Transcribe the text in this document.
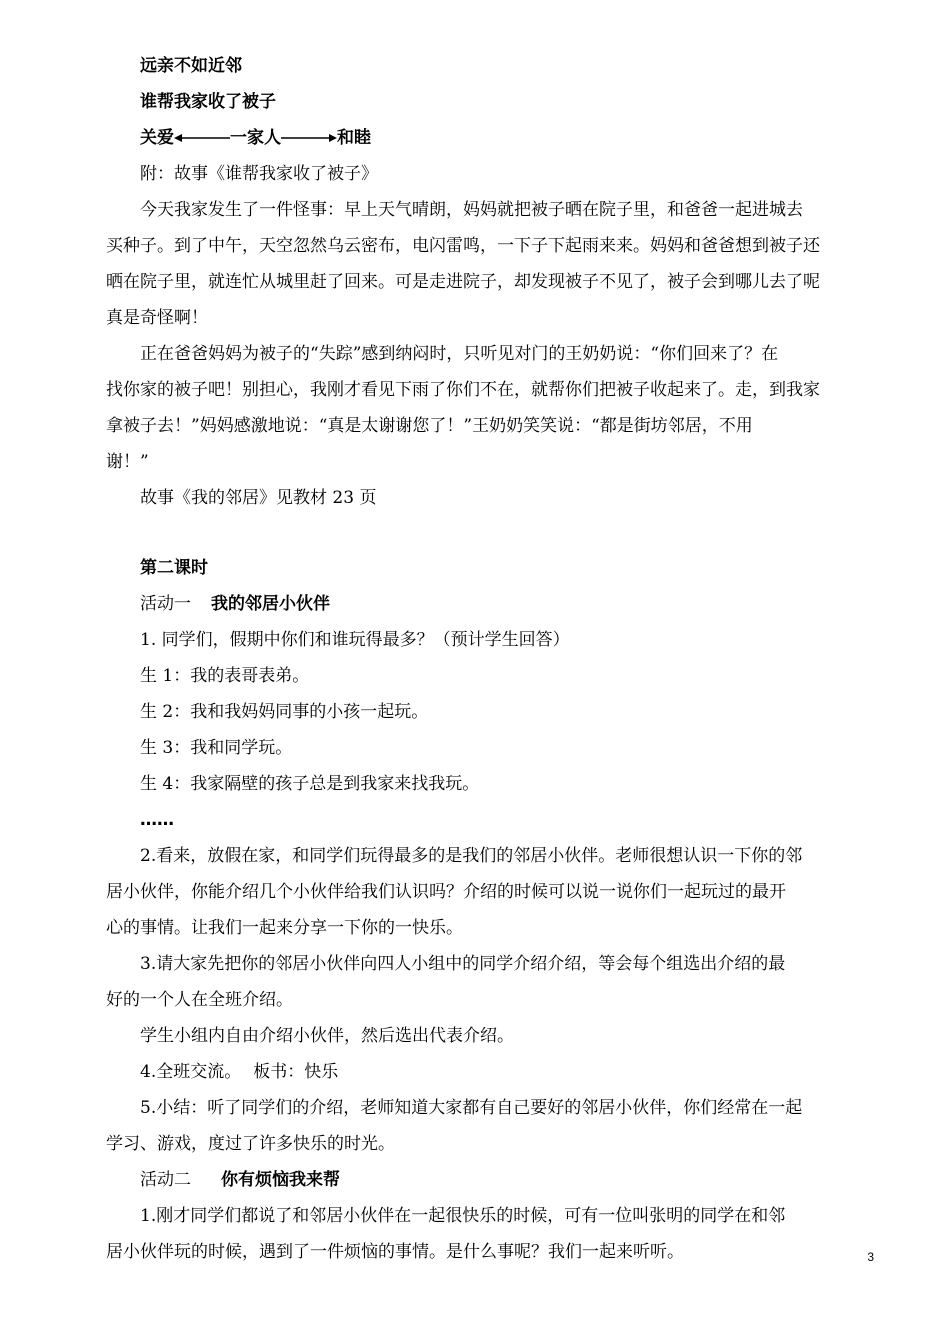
远亲不如近邻
谁帮我家收了被子
关爱	一家人	和睦
附：故事《谁帮我家收了被子》
今天我家发生了一件怪事：早上天气晴朗，妈妈就把被子晒在院子里，和爸爸一起进城去
买种子。到了中午，天空忽然乌云密布，电闪雷鸣，一下子下起雨来来。妈妈和爸爸想到被子还
晒在院子里，就连忙从城里赶了回来。可是走进院子，却发现被子不见了，被子会到哪儿去了呢
真是奇怪啊！
正在爸爸妈妈为被子的“失踪”感到纳闷时，只听见对门的王奶奶说：“你们回来了？在
找你家的被子吧！别担心，我刚才看见下雨了你们不在，就帮你们把被子收起来了。走，到我家
拿被子去！”妈妈感激地说：“真是太谢谢您了！”王奶奶笑笑说：“都是街坊邻居，不用
谢！”
故事《我的邻居》见教材 23 页
第二课时
活动一 我的邻居小伙伴
1. 同学们，假期中你们和谁玩得最多？（预计学生回答）
生 1：我的表哥表弟。
生 2：我和我妈妈同事的小孩一起玩。
生 3：我和同学玩。
生 4：我家隔壁的孩子总是到我家来找我玩。
……
2.看来，放假在家，和同学们玩得最多的是我们的邻居小伙伴。老师很想认识一下你的邻
居小伙伴，你能介绍几个小伙伴给我们认识吗？介绍的时候可以说一说你们一起玩过的最开
心的事情。让我们一起来分享一下你的一快乐。
3.请大家先把你的邻居小伙伴向四人小组中的同学介绍介绍，等会每个组选出介绍的最
好的一个人在全班介绍。
学生小组内自由介绍小伙伴，然后选出代表介绍。
4.全班交流。 板书：快乐
5.小结：听了同学们的介绍，老师知道大家都有自己要好的邻居小伙伴，你们经常在一起
学习、游戏，度过了许多快乐的时光。
活动二 你有烦恼我来帮
1.刚才同学们都说了和邻居小伙伴在一起很快乐的时候，可有一位叫张明的同学在和邻
居小伙伴玩的时候，遇到了一件烦恼的事情。是什么事呢？我们一起来听听。	3
